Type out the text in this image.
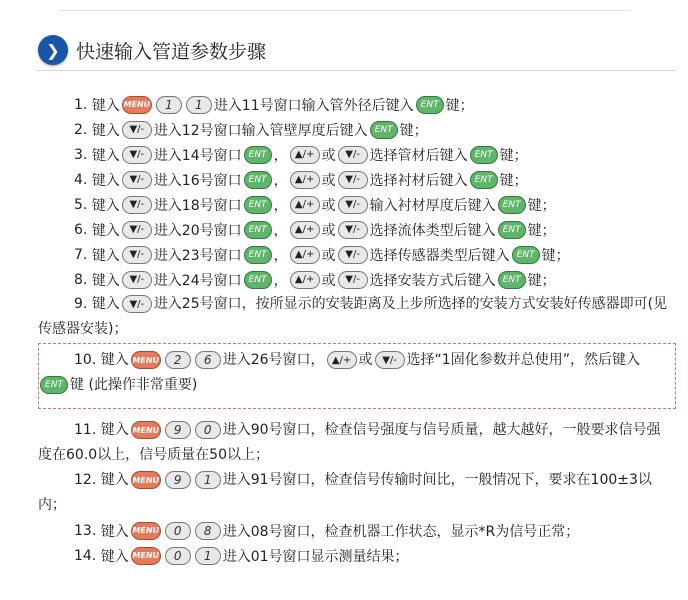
❯ 快速输入管道参数步骤
1.
键入 MENU	1	1 进入11号窗口输入管外径后键入 ENT 键；
2.
键入 ▼/- 进入12号窗口输入管壁厚度后键入 ENT 键；
3.
键入 ▼/- 进入14号窗口 ENT ， ▲/+ 或 ▼/- 选择管材后键入 ENT 键；
4.
键入 ▼/- 进入16号窗口 ENT ， ▲/+ 或 ▼/- 选择衬材后键入 ENT 键；
5.
键入 ▼/- 进入18号窗口 ENT ， ▲/+ 或 ▼/- 输入衬材厚度后键入 ENT 键；
6.
键入 ▼/- 进入20号窗口 ENT ， ▲/+ 或 ▼/- 选择流体类型后键入 ENT 键；
7.
键入 ▼/- 进入23号窗口 ENT ， ▲/+ 或 ▼/- 选择传感器类型后键入 ENT 键；
8.
键入 ▼/- 进入24号窗口 ENT ， ▲/+ 或 ▼/- 选择安装方式后键入 ENT 键；
9. 键入 ▼/- 进入25号窗口，按所显示的安装距离及上步所选择的安装方式安装好传感器即可(见传感器安装)；
10. 键入 MENU 2 6 进入26号窗口， ▲/+ 或 ▼/- 选择“1固化参数并总使用”，然后键入ENT 键 (此操作非常重要)
11. 键入 MENU 9 0 进入90号窗口，检查信号强度与信号质量，越大越好，一般要求信号强度在60.0以上，信号质量在50以上；
12. 键入 MENU 9 1 进入91号窗口，检查信号传输时间比，一般情况下，要求在100±3以内；
13.
键入 MENU	0	8 进入08号窗口，检查机器工作状态，显示*R为信号正常；
14.
键入 MENU	0	1 进入01号窗口显示测量结果；
